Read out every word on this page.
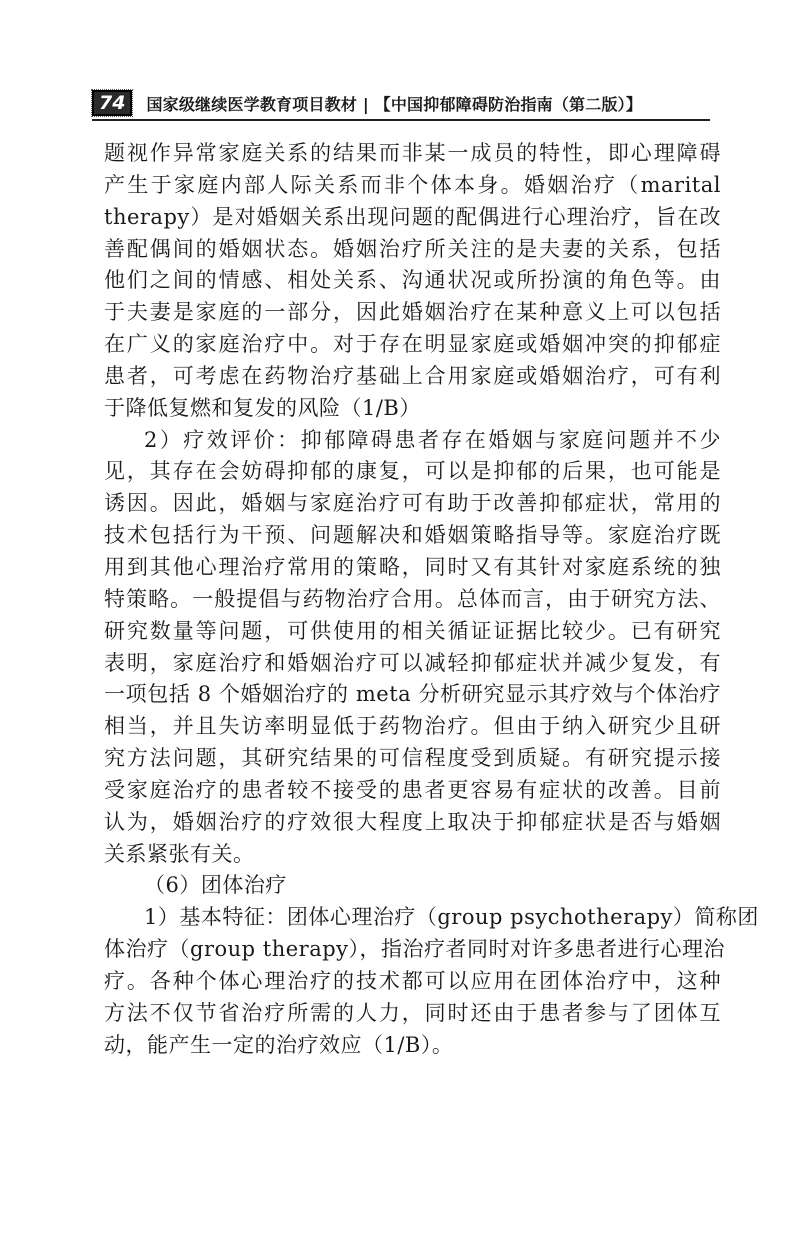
74	国家级继续医学教育项目教材 | 【中国抑郁障碍防治指南（第二版）】
题视作异常家庭关系的结果而非某一成员的特性，即心理障碍
产生于家庭内部人际关系而非个体本身。婚姻治疗（marital
therapy）是对婚姻关系出现问题的配偶进行心理治疗，旨在改
善配偶间的婚姻状态。婚姻治疗所关注的是夫妻的关系，包括
他们之间的情感、相处关系、沟通状况或所扮演的角色等。由
于夫妻是家庭的一部分，因此婚姻治疗在某种意义上可以包括
在广义的家庭治疗中。对于存在明显家庭或婚姻冲突的抑郁症
患者，可考虑在药物治疗基础上合用家庭或婚姻治疗，可有利
于降低复燃和复发的风险（1/B）
2）疗效评价：抑郁障碍患者存在婚姻与家庭问题并不少
见，其存在会妨碍抑郁的康复，可以是抑郁的后果，也可能是
诱因。因此，婚姻与家庭治疗可有助于改善抑郁症状，常用的
技术包括行为干预、问题解决和婚姻策略指导等。家庭治疗既
用到其他心理治疗常用的策略，同时又有其针对家庭系统的独
特策略。一般提倡与药物治疗合用。总体而言，由于研究方法、
研究数量等问题，可供使用的相关循证证据比较少。已有研究
表明，家庭治疗和婚姻治疗可以减轻抑郁症状并减少复发，有
一项包括 8 个婚姻治疗的 meta 分析研究显示其疗效与个体治疗
相当，并且失访率明显低于药物治疗。但由于纳入研究少且研
究方法问题，其研究结果的可信程度受到质疑。有研究提示接
受家庭治疗的患者较不接受的患者更容易有症状的改善。目前
认为，婚姻治疗的疗效很大程度上取决于抑郁症状是否与婚姻
关系紧张有关。
（6）团体治疗
1）基本特征：团体心理治疗（group psychotherapy）简称团
体治疗（group therapy），指治疗者同时对许多患者进行心理治
疗。各种个体心理治疗的技术都可以应用在团体治疗中，这种
方法不仅节省治疗所需的人力，同时还由于患者参与了团体互
动，能产生一定的治疗效应（1/B）。
